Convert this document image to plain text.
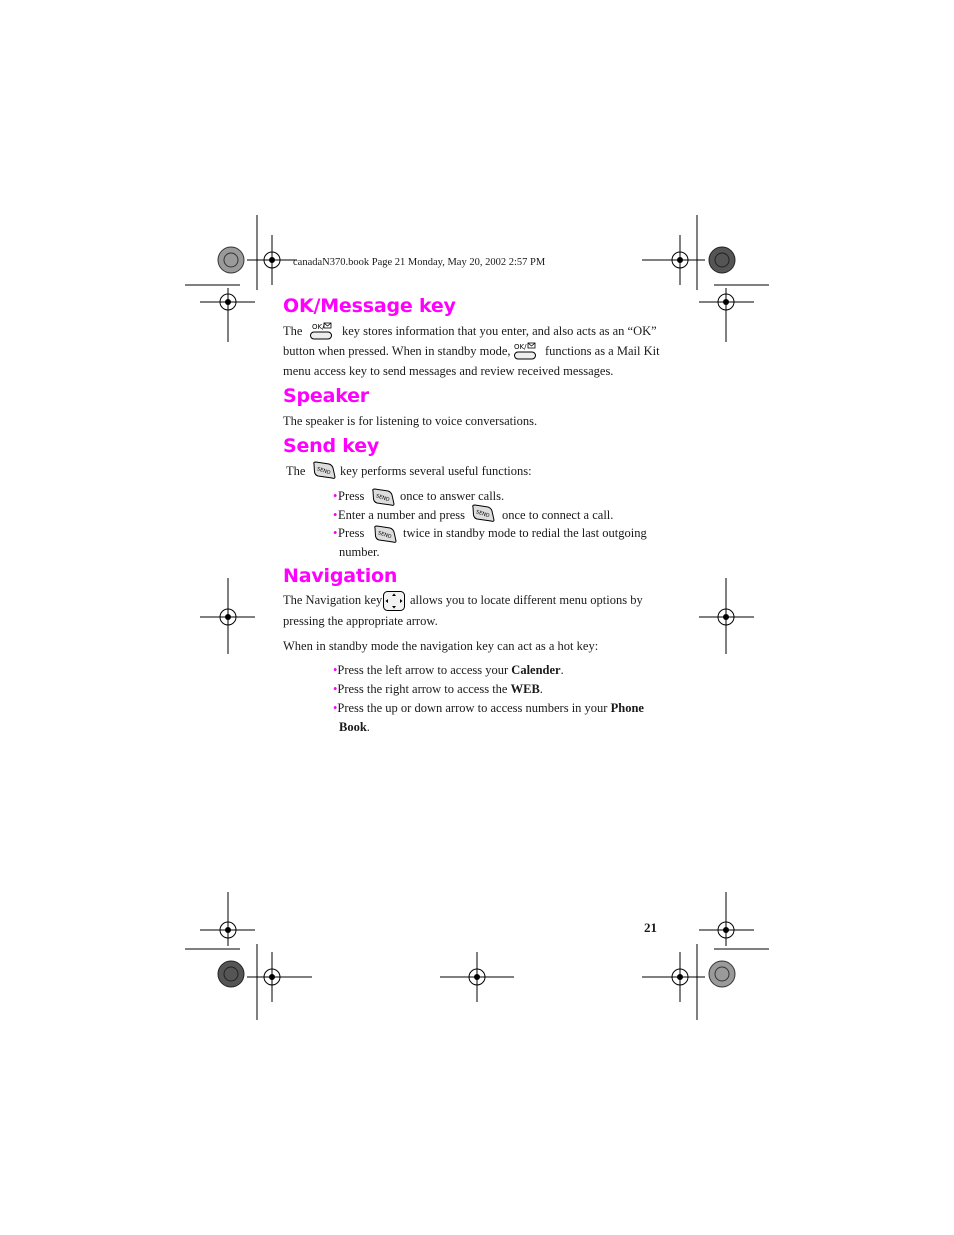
canadaN370.book Page 21 Monday, May 20, 2002 2:57 PM
OK/Message key
The OK/ key stores information that you enter, and also acts as an “OK”
button when pressed. When in standby mode, OK/ functions as a Mail Kit
menu access key to send messages and review received messages.
Speaker
The speaker is for listening to voice conversations.
Send key
The SEND key performs several useful functions:
• Press SEND once to answer calls.
• Enter a number and press SEND once to connect a call.
• Press	SEND twice in standby mode to redial the last outgoing
number.
Navigation
The Navigation key allows you to locate different menu options by
pressing the appropriate arrow.
When in standby mode the navigation key can act as a hot key:
•Press the left arrow to access your Calender.
•Press the right arrow to access the WEB.
•Press the up or down arrow to access numbers in your Phone
Book.
21
